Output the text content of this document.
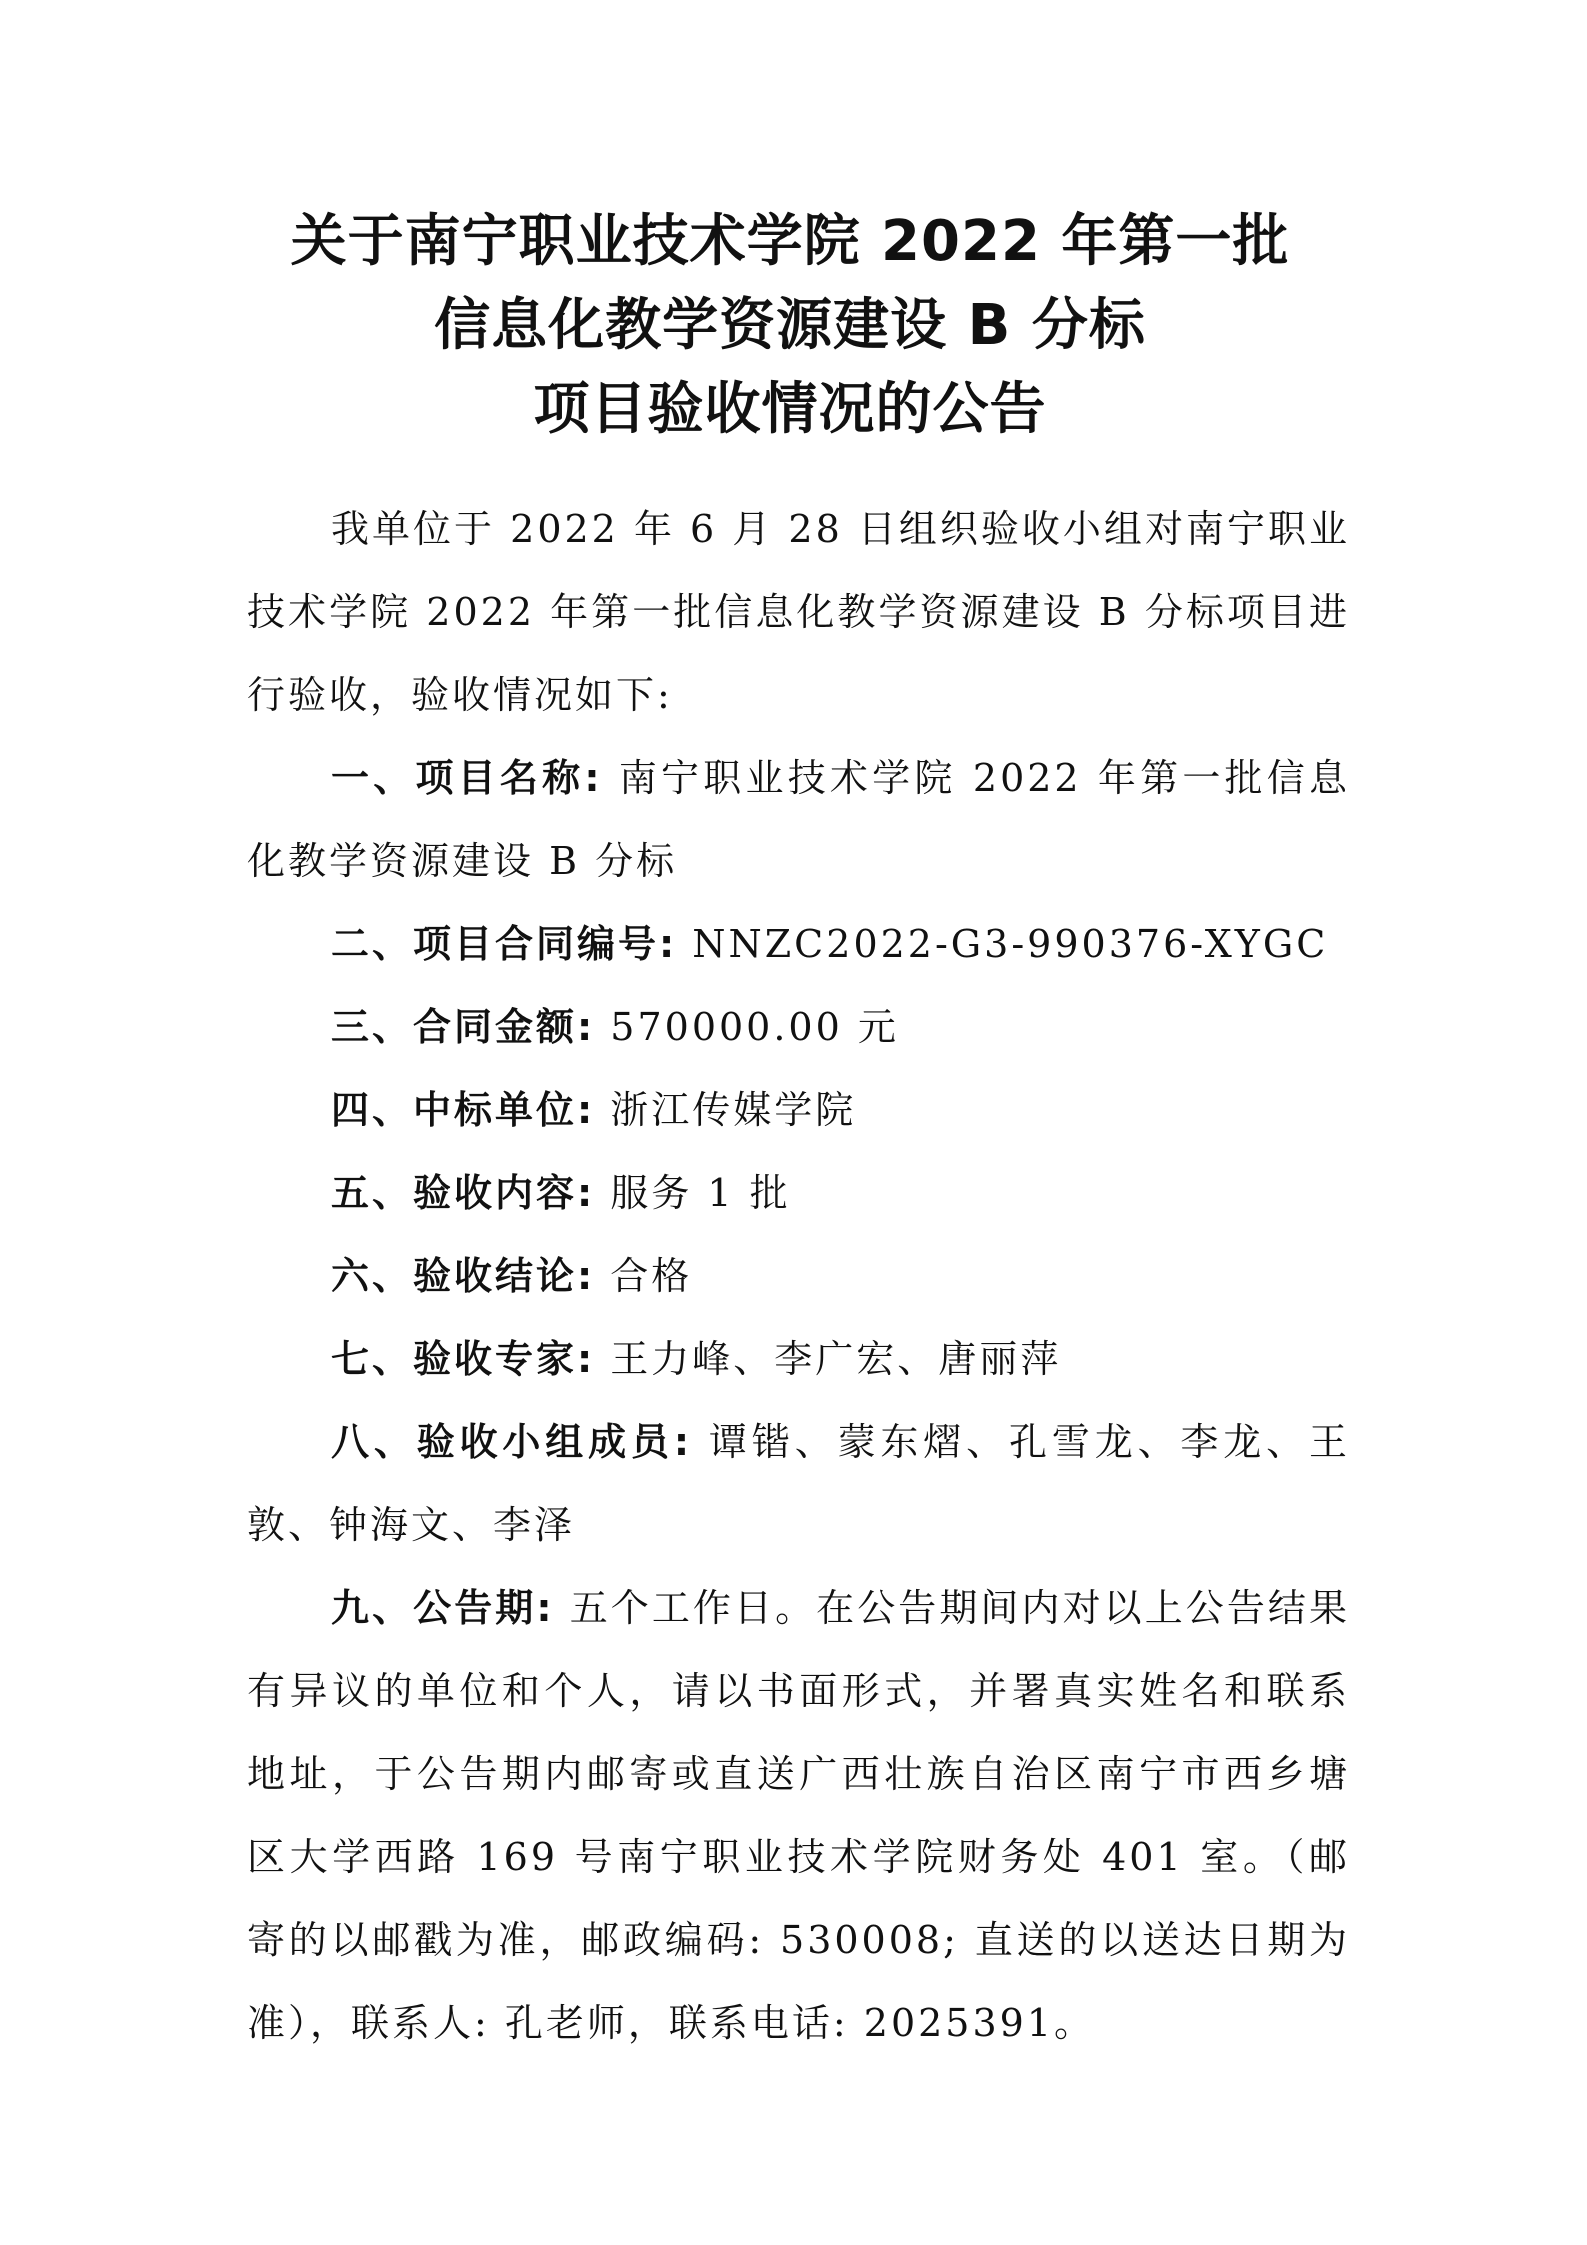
关于南宁职业技术学院 2022 年第一批
信息化教学资源建设 B 分标
项目验收情况的公告

我单位于 2022 年 6 月 28 日组织验收小组对南宁职业技术学院 2022 年第一批信息化教学资源建设 B 分标项目进行验收，验收情况如下:

一、项目名称: 南宁职业技术学院 2022 年第一批信息化教学资源建设 B 分标

二、项目合同编号: NNZC2022-G3-990376-XYGC

三、合同金额: 570000.00 元

四、中标单位: 浙江传媒学院

五、验收内容: 服务 1 批

六、验收结论: 合格

七、验收专家: 王力峰、李广宏、唐丽萍

八、验收小组成员: 谭锴、蒙东熠、孔雪龙、李龙、王敦、钟海文、李泽

九、公告期: 五个工作日。在公告期间内对以上公告结果有异议的单位和个人，请以书面形式，并署真实姓名和联系地址，于公告期内邮寄或直送广西壮族自治区南宁市西乡塘区大学西路 169 号南宁职业技术学院财务处 401 室。（邮寄的以邮戳为准，邮政编码: 530008; 直送的以送达日期为准），联系人: 孔老师，联系电话: 2025391。
